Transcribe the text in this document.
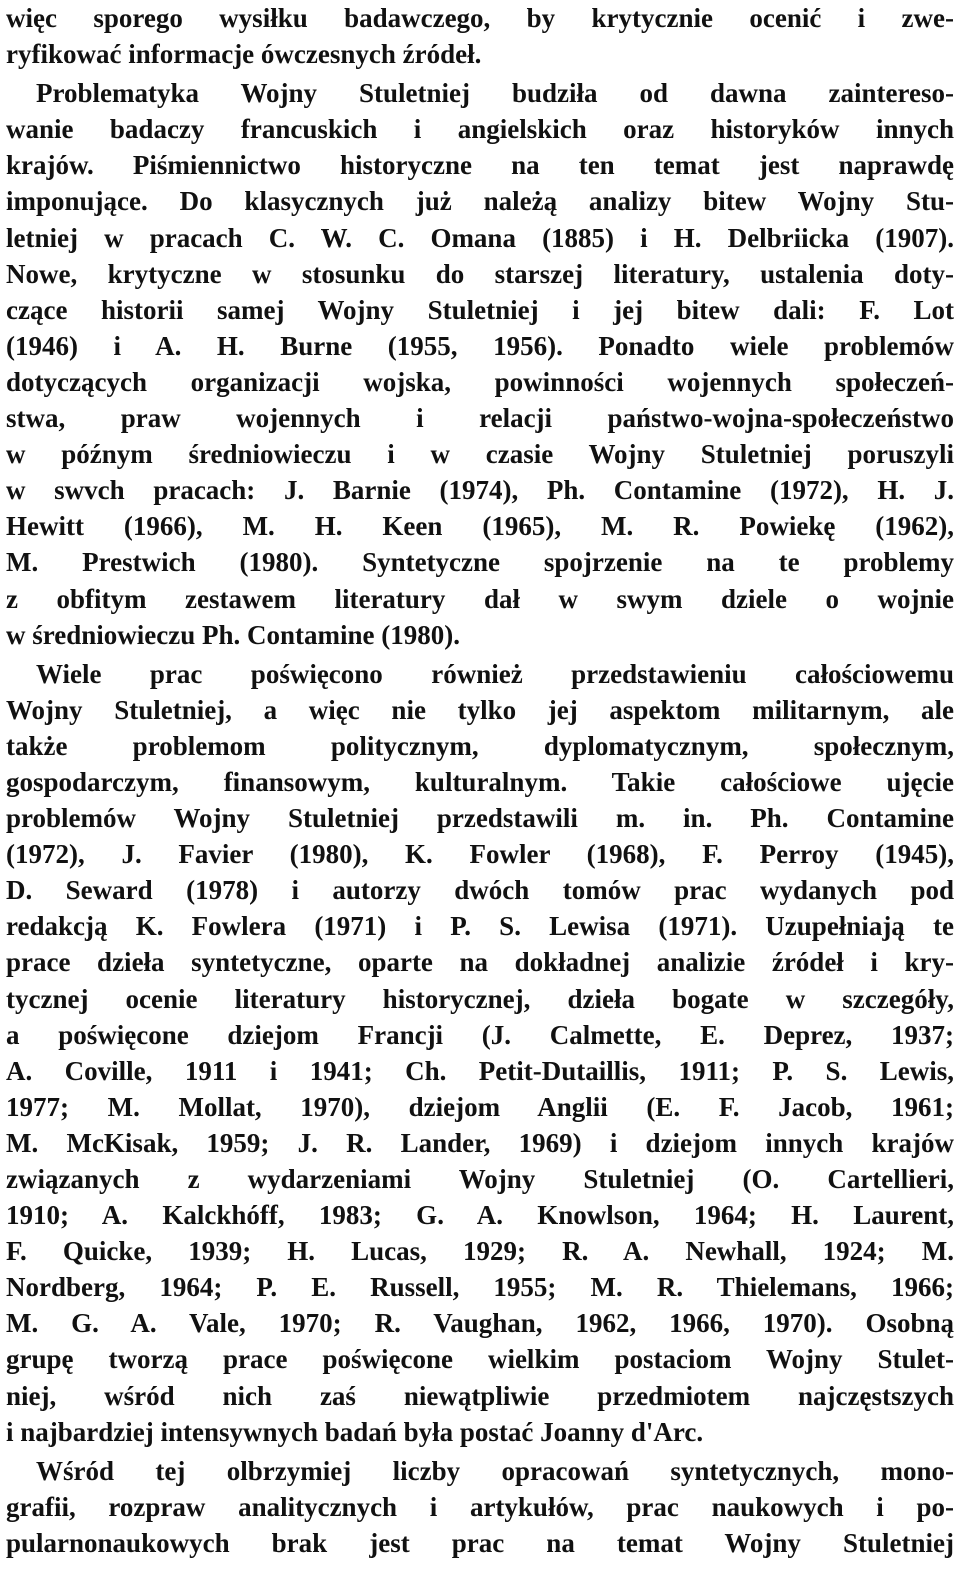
więc sporego wysiłku badawczego, by krytycznie ocenić i zwe-
ryfikować informacje ówczesnych źródeł.
Problematyka Wojny Stuletniej budziła od dawna zaintereso-
wanie badaczy francuskich i angielskich oraz historyków innych
krajów. Piśmiennictwo historyczne na ten temat jest naprawdę
imponujące. Do klasycznych już należą analizy bitew Wojny Stu-
letniej w pracach C. W. C. Omana (1885) i H. Delbriicka (1907).
Nowe, krytyczne w stosunku do starszej literatury, ustalenia doty-
czące historii samej Wojny Stuletniej i jej bitew dali: F. Lot
(1946) i A. H. Burne (1955, 1956). Ponadto wiele problemów
dotyczących organizacji wojska, powinności wojennych społeczeń-
stwa, praw wojennych i relacji państwo-wojna-społeczeństwo
w późnym średniowieczu i w czasie Wojny Stuletniej poruszyli
w swvch pracach: J. Barnie (1974), Ph. Contamine (1972), H. J.
Hewitt (1966), M. H. Keen (1965), M. R. Powiekę (1962),
M. Prestwich (1980). Syntetyczne spojrzenie na te problemy
z obfitym zestawem literatury dał w swym dziele o wojnie
w średniowieczu Ph. Contamine (1980).
Wiele prac poświęcono również przedstawieniu całościowemu
Wojny Stuletniej, a więc nie tylko jej aspektom militarnym, ale
także problemom politycznym, dyplomatycznym, społecznym,
gospodarczym, finansowym, kulturalnym. Takie całościowe ujęcie
problemów Wojny Stuletniej przedstawili m. in. Ph. Contamine
(1972), J. Favier (1980), K. Fowler (1968), F. Perroy (1945),
D. Seward (1978) i autorzy dwóch tomów prac wydanych pod
redakcją K. Fowlera (1971) i P. S. Lewisa (1971). Uzupełniają te
prace dzieła syntetyczne, oparte na dokładnej analizie źródeł i kry-
tycznej ocenie literatury historycznej, dzieła bogate w szczegóły,
a poświęcone dziejom Francji (J. Calmette, E. Deprez, 1937;
A. Coville, 1911 i 1941; Ch. Petit-Dutaillis, 1911; P. S. Lewis,
1977; M. Mollat, 1970), dziejom Anglii (E. F. Jacob, 1961;
M. McKisak, 1959; J. R. Lander, 1969) i dziejom innych krajów
związanych z wydarzeniami Wojny Stuletniej (O. Cartellieri,
1910; A. Kalckhóff, 1983; G. A. Knowlson, 1964; H. Laurent,
F. Quicke, 1939; H. Lucas, 1929; R. A. Newhall, 1924; M.
Nordberg, 1964; P. E. Russell, 1955; M. R. Thielemans, 1966;
M. G. A. Vale, 1970; R. Vaughan, 1962, 1966, 1970). Osobną
grupę tworzą prace poświęcone wielkim postaciom Wojny Stulet-
niej, wśród nich zaś niewątpliwie przedmiotem najczęstszych
i najbardziej intensywnych badań była postać Joanny d'Arc.
Wśród tej olbrzymiej liczby opracowań syntetycznych, mono-
grafii, rozpraw analitycznych i artykułów, prac naukowych i po-
pularnonaukowych brak jest prac na temat Wojny Stuletniej
